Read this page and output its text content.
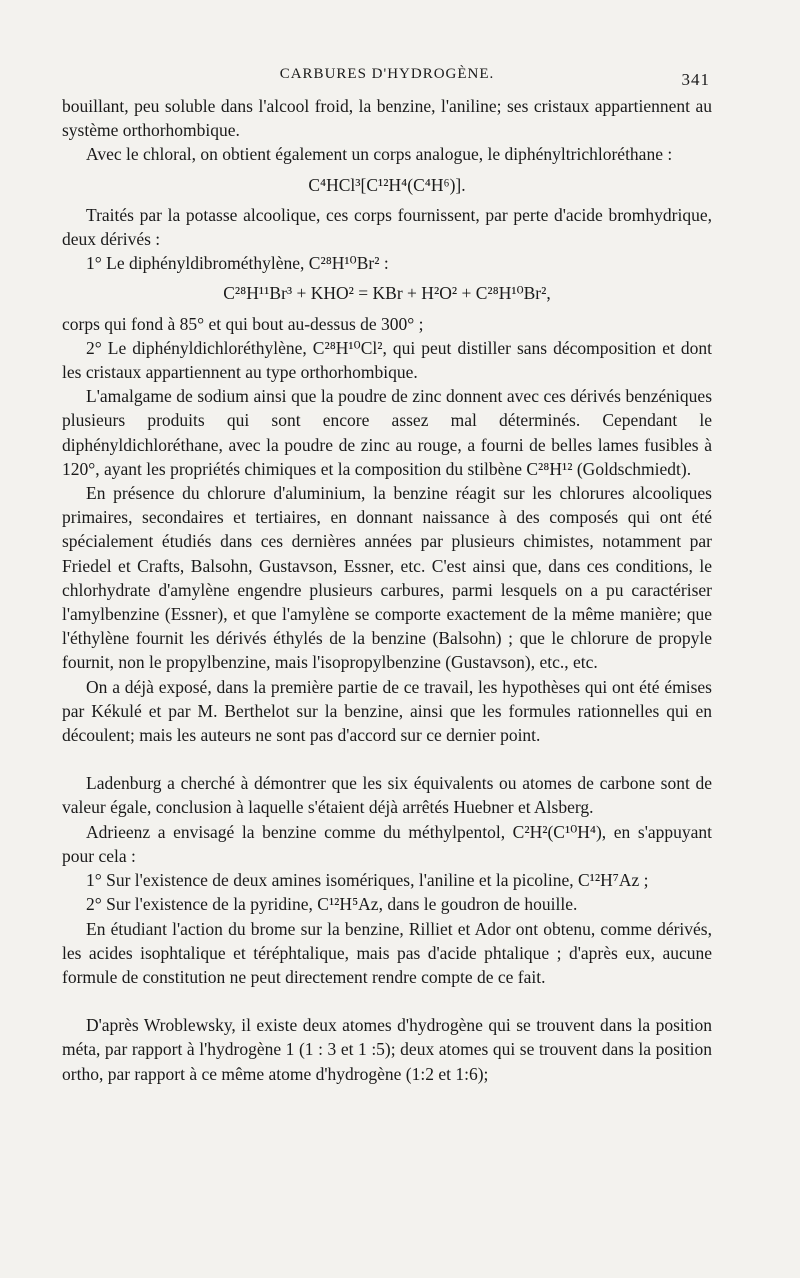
CARBURES D'HYDROGÈNE.	341

bouillant, peu soluble dans l'alcool froid, la benzine, l'aniline; ses cristaux appartiennent au système orthorhombique.

Avec le chloral, on obtient également un corps analogue, le diphényltrichloréthane :

C⁴HCl³[C¹²H⁴(C⁴H⁶)].

Traités par la potasse alcoolique, ces corps fournissent, par perte d'acide bromhydrique, deux dérivés :

1° Le diphényldibrométhylène, C²⁸H¹⁰Br² :

C²⁸H¹¹Br³ + KHO² = KBr + H²O² + C²⁸H¹⁰Br²,

corps qui fond à 85° et qui bout au-dessus de 300° ;

2° Le diphényldichloréthylène, C²⁸H¹⁰Cl², qui peut distiller sans décomposition et dont les cristaux appartiennent au type orthorhombique.

L'amalgame de sodium ainsi que la poudre de zinc donnent avec ces dérivés benzéniques plusieurs produits qui sont encore assez mal déterminés. Cependant le diphényldichloréthane, avec la poudre de zinc au rouge, a fourni de belles lames fusibles à 120°, ayant les propriétés chimiques et la composition du stilbène C²⁸H¹² (Goldschmiedt).

En présence du chlorure d'aluminium, la benzine réagit sur les chlorures alcooliques primaires, secondaires et tertiaires, en donnant naissance à des composés qui ont été spécialement étudiés dans ces dernières années par plusieurs chimistes, notamment par Friedel et Crafts, Balsohn, Gustavson, Essner, etc. C'est ainsi que, dans ces conditions, le chlorhydrate d'amylène engendre plusieurs carbures, parmi lesquels on a pu caractériser l'amylbenzine (Essner), et que l'amylène se comporte exactement de la même manière; que l'éthylène fournit les dérivés éthylés de la benzine (Balsohn) ; que le chlorure de propyle fournit, non le propylbenzine, mais l'isopropylbenzine (Gustavson), etc., etc.

On a déjà exposé, dans la première partie de ce travail, les hypothèses qui ont été émises par Kékulé et par M. Berthelot sur la benzine, ainsi que les formules rationnelles qui en découlent; mais les auteurs ne sont pas d'accord sur ce dernier point.

Ladenburg a cherché à démontrer que les six équivalents ou atomes de carbone sont de valeur égale, conclusion à laquelle s'étaient déjà arrêtés Huebner et Alsberg.

Adrieenz a envisagé la benzine comme du méthylpentol, C²H²(C¹⁰H⁴), en s'appuyant pour cela :

1° Sur l'existence de deux amines isomériques, l'aniline et la picoline, C¹²H⁷Az ;

2° Sur l'existence de la pyridine, C¹²H⁵Az, dans le goudron de houille.

En étudiant l'action du brome sur la benzine, Rilliet et Ador ont obtenu, comme dérivés, les acides isophtalique et téréphtalique, mais pas d'acide phtalique ; d'après eux, aucune formule de constitution ne peut directement rendre compte de ce fait.

D'après Wroblewsky, il existe deux atomes d'hydrogène qui se trouvent dans la position méta, par rapport à l'hydrogène 1 (1 : 3 et 1 :5); deux atomes qui se trouvent dans la position ortho, par rapport à ce même atome d'hydrogène (1:2 et 1:6);
